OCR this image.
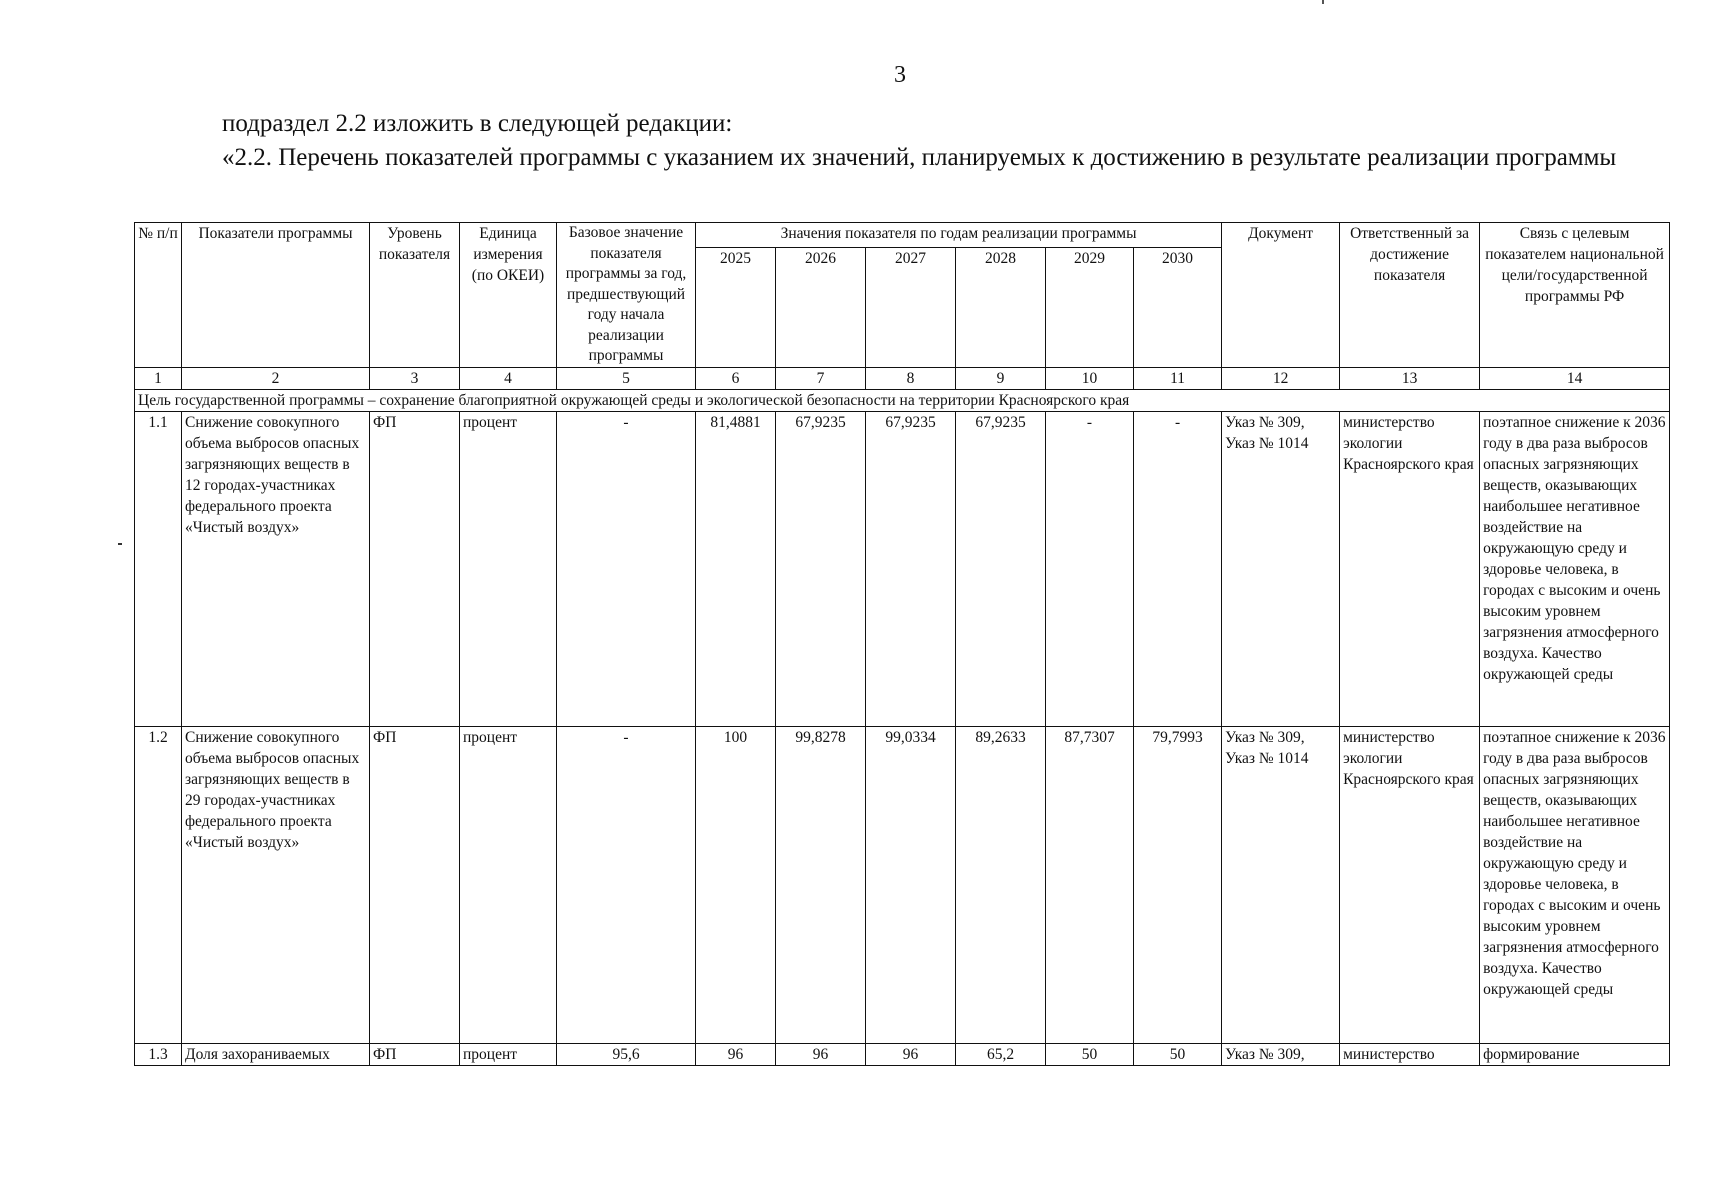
3
подраздел 2.2 изложить в следующей редакции:
«2.2. Перечень показателей программы с указанием их значений, планируемых к достижению в результате реализации программы
№ п/п	Показатели программы	Уровень показателя	Единица измерения (по ОКЕИ)	Базовое значение показателя программы за год, предшествующий году начала реализации программы	Значения показателя по годам реализации программы						Документ	Ответственный за достижение показателя	Связь с целевым показателем национальной цели/государственной программы РФ
					2025	2026	2027	2028	2029	2030			
1	2	3	4	5	6	7	8	9	10	11	12	13	14
Цель государственной программы – сохранение благоприятной окружающей среды и экологической безопасности на территории Красноярского края													
1.1	Снижение совокупного объема выбросов опасных загрязняющих веществ в 12 городах-участниках федерального проекта «Чистый воздух»	ФП	процент	-	81,4881	67,9235	67,9235	67,9235	-	-	Указ № 309, Указ № 1014	министерство экологии Красноярского края	поэтапное снижение к 2036 году в два раза выбросов опасных загрязняющих веществ, оказывающих наибольшее негативное воздействие на окружающую среду и здоровье человека, в городах с высоким и очень высоким уровнем загрязнения атмосферного воздуха. Качество окружающей среды
1.2	Снижение совокупного объема выбросов опасных загрязняющих веществ в 29 городах-участниках федерального проекта «Чистый воздух»	ФП	процент	-	100	99,8278	99,0334	89,2633	87,7307	79,7993	Указ № 309, Указ № 1014	министерство экологии Красноярского края	поэтапное снижение к 2036 году в два раза выбросов опасных загрязняющих веществ, оказывающих наибольшее негативное воздействие на окружающую среду и здоровье человека, в городах с высоким и очень высоким уровнем загрязнения атмосферного воздуха. Качество окружающей среды
1.3	Доля захораниваемых	ФП	процент	95,6	96	96	96	65,2	50	50	Указ № 309,	министерство	формирование
